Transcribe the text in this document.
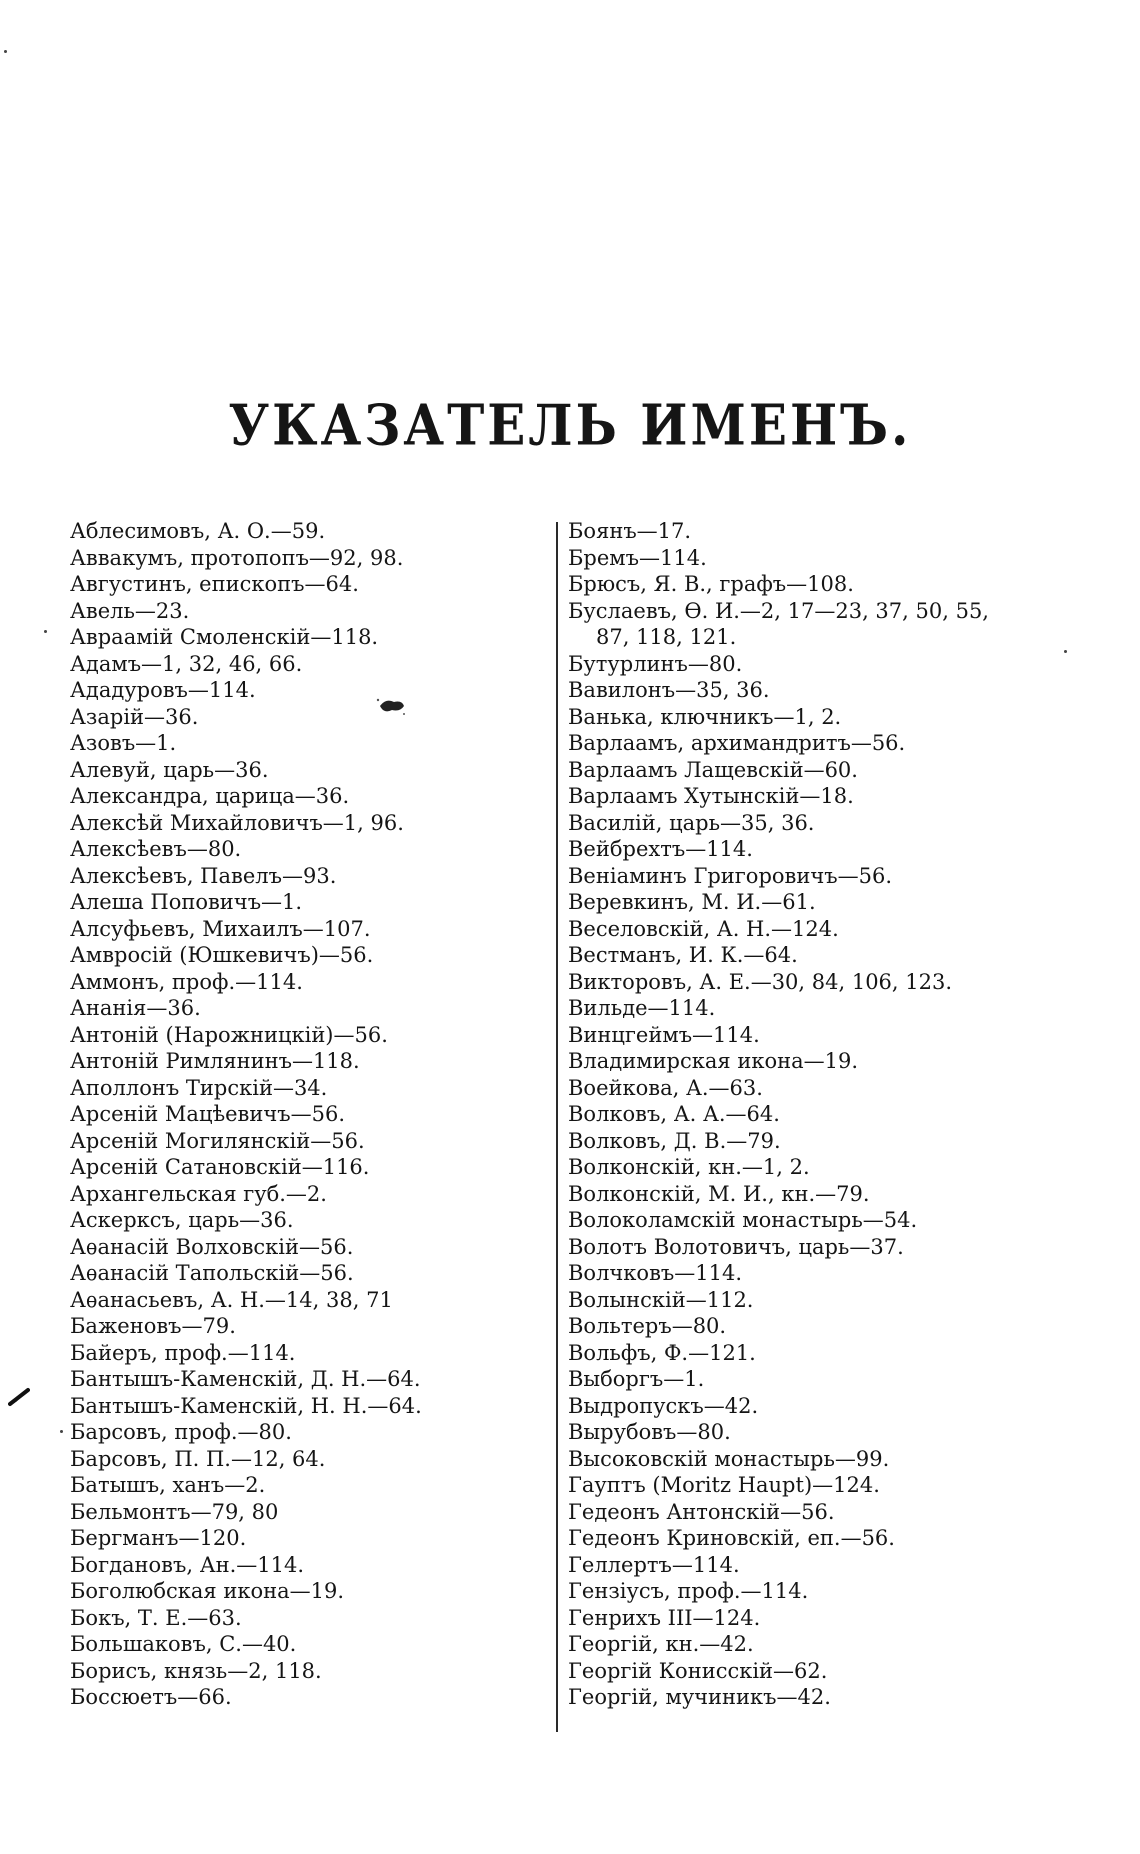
УКАЗАТЕЛЬ ИМЕНЪ.
Аблесимовъ, А. О.—59.
Аввакумъ, протопопъ—92, 98.
Августинъ, епископъ—64.
Авель—23.
Авраамій Смоленскій—118.
Адамъ—1, 32, 46, 66.
Ададуровъ—114.
Азарій—36.
Азовъ—1.
Алевуй, царь—36.
Александра, царица—36.
Алексѣй Михайловичъ—1, 96.
Алексѣевъ—80.
Алексѣевъ, Павелъ—93.
Алеша Поповичъ—1.
Алсуфьевъ, Михаилъ—107.
Амвросій (Юшкевичъ)—56.
Аммонъ, проф.—114.
Ананія—36.
Антоній (Нарожницкій)—56.
Антоній Римлянинъ—118.
Аполлонъ Тирскій—34.
Арсеній Мацѣевичъ—56.
Арсеній Могилянскій—56.
Арсеній Сатановскій—116.
Архангельская губ.—2.
Аскерксъ, царь—36.
Аѳанасій Волховскій—56.
Аѳанасій Тапольскій—56.
Аѳанасьевъ, А. Н.—14, 38, 71
Баженовъ—79.
Байеръ, проф.—114.
Бантышъ-Каменскій, Д. Н.—64.
Бантышъ-Каменскій, Н. Н.—64.
Барсовъ, проф.—80.
Барсовъ, П. П.—12, 64.
Батышъ, ханъ—2.
Бельмонтъ—79, 80
Бергманъ—120.
Богдановъ, Ан.—114.
Боголюбская икона—19.
Бокъ, Т. Е.—63.
Большаковъ, С.—40.
Борисъ, князь—2, 118.
Боссюетъ—66.
Боянъ—17.
Бремъ—114.
Брюсъ, Я. В., графъ—108.
Буслаевъ, Ѳ. И.—2, 17—23, 37, 50, 55,
87, 118, 121.
Бутурлинъ—80.
Вавилонъ—35, 36.
Ванька, ключникъ—1, 2.
Варлаамъ, архимандритъ—56.
Варлаамъ Лащевскій—60.
Варлаамъ Хутынскій—18.
Василій, царь—35, 36.
Вейбрехтъ—114.
Веніаминъ Григоровичъ—56.
Веревкинъ, М. И.—61.
Веселовскій, А. Н.—124.
Вестманъ, И. К.—64.
Викторовъ, А. Е.—30, 84, 106, 123.
Вильде—114.
Винцгеймъ—114.
Владимирская икона—19.
Воейкова, А.—63.
Волковъ, А. А.—64.
Волковъ, Д. В.—79.
Волконскій, кн.—1, 2.
Волконскій, М. И., кн.—79.
Волоколамскій монастырь—54.
Волотъ Волотовичъ, царь—37.
Волчковъ—114.
Волынскій—112.
Вольтеръ—80.
Вольфъ, Ф.—121.
Выборгъ—1.
Выдропускъ—42.
Вырубовъ—80.
Высоковскій монастырь—99.
Гауптъ (Moritz Haupt)—124.
Гедеонъ Антонскій—56.
Гедеонъ Криновскій, еп.—56.
Геллертъ—114.
Гензіусъ, проф.—114.
Генрихъ III—124.
Георгій, кн.—42.
Георгій Конисскій—62.
Георгій, мучиникъ—42.
